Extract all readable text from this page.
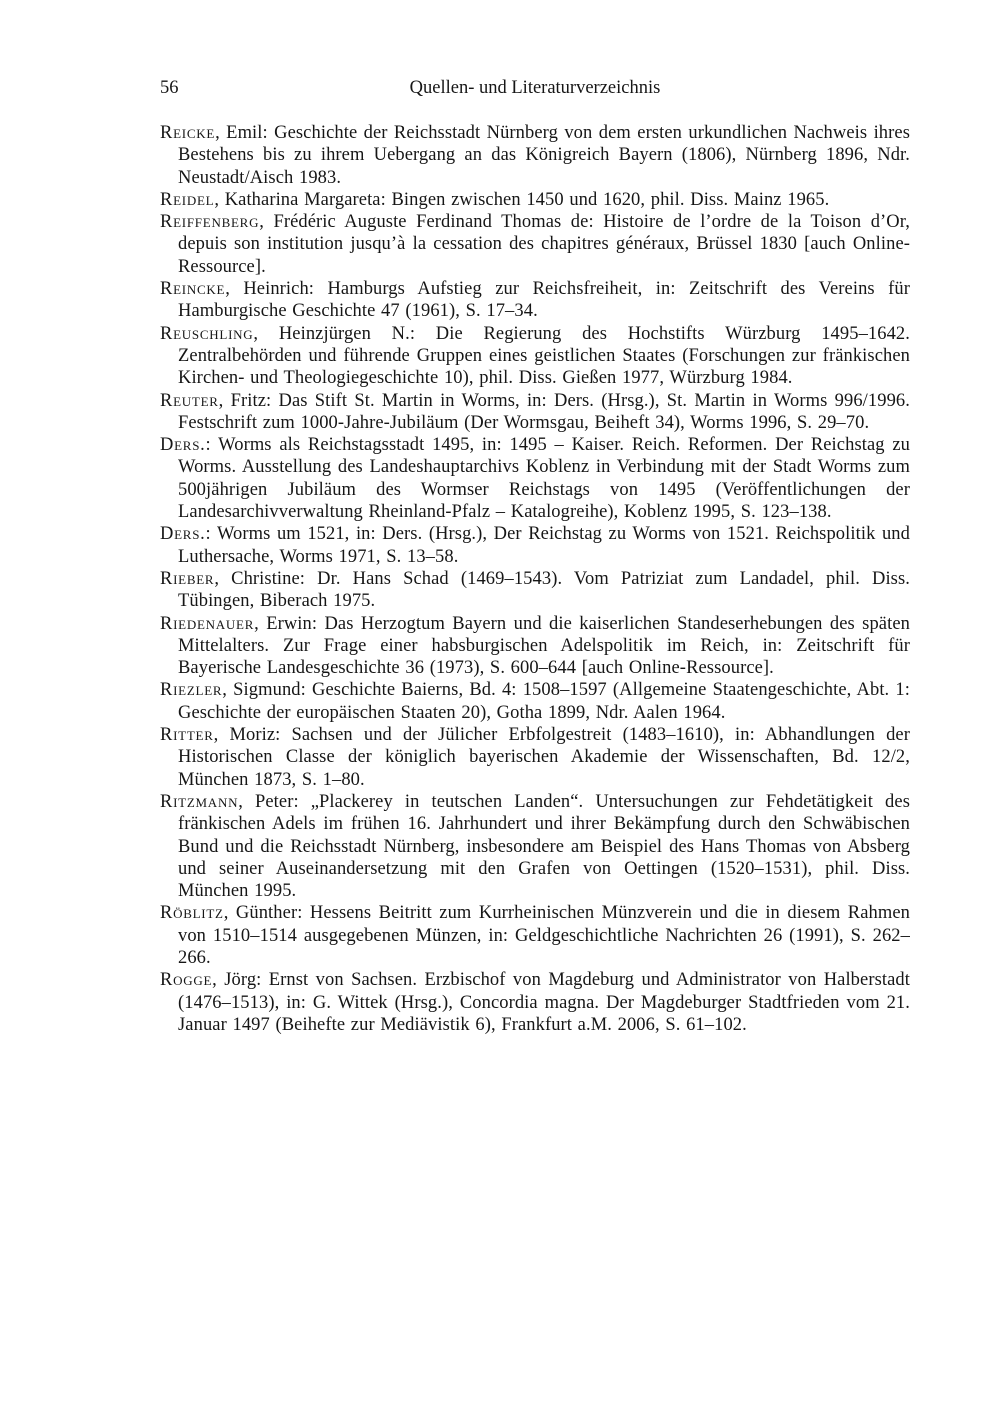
56	Quellen- und Literaturverzeichnis

Reicke, Emil: Geschichte der Reichsstadt Nürnberg von dem ersten urkundlichen Nachweis ihres Bestehens bis zu ihrem Uebergang an das Königreich Bayern (1806), Nürnberg 1896, Ndr. Neustadt/Aisch 1983.

Reidel, Katharina Margareta: Bingen zwischen 1450 und 1620, phil. Diss. Mainz 1965.

Reiffenberg, Frédéric Auguste Ferdinand Thomas de: Histoire de l’ordre de la Toison d’Or, depuis son institution jusqu’à la cessation des chapitres généraux, Brüssel 1830 [auch Online-Ressource].

Reincke, Heinrich: Hamburgs Aufstieg zur Reichsfreiheit, in: Zeitschrift des Vereins für Hamburgische Geschichte 47 (1961), S. 17–34.

Reuschling, Heinzjürgen N.: Die Regierung des Hochstifts Würzburg 1495–1642. Zentralbehörden und führende Gruppen eines geistlichen Staates (Forschungen zur fränkischen Kirchen- und Theologiegeschichte 10), phil. Diss. Gießen 1977, Würzburg 1984.

Reuter, Fritz: Das Stift St. Martin in Worms, in: Ders. (Hrsg.), St. Martin in Worms 996/1996. Festschrift zum 1000-Jahre-Jubiläum (Der Wormsgau, Beiheft 34), Worms 1996, S. 29–70.

Ders.: Worms als Reichstagsstadt 1495, in: 1495 – Kaiser. Reich. Reformen. Der Reichstag zu Worms. Ausstellung des Landeshauptarchivs Koblenz in Verbindung mit der Stadt Worms zum 500jährigen Jubiläum des Wormser Reichstags von 1495 (Veröffentlichungen der Landesarchivverwaltung Rheinland-Pfalz – Katalogreihe), Koblenz 1995, S. 123–138.

Ders.: Worms um 1521, in: Ders. (Hrsg.), Der Reichstag zu Worms von 1521. Reichspolitik und Luthersache, Worms 1971, S. 13–58.

Rieber, Christine: Dr. Hans Schad (1469–1543). Vom Patriziat zum Landadel, phil. Diss. Tübingen, Biberach 1975.

Riedenauer, Erwin: Das Herzogtum Bayern und die kaiserlichen Standeserhebungen des späten Mittelalters. Zur Frage einer habsburgischen Adelspolitik im Reich, in: Zeitschrift für Bayerische Landesgeschichte 36 (1973), S. 600–644 [auch Online-Ressource].

Riezler, Sigmund: Geschichte Baierns, Bd. 4: 1508–1597 (Allgemeine Staatengeschichte, Abt. 1: Geschichte der europäischen Staaten 20), Gotha 1899, Ndr. Aalen 1964.

Ritter, Moriz: Sachsen und der Jülicher Erbfolgestreit (1483–1610), in: Abhandlungen der Historischen Classe der königlich bayerischen Akademie der Wissenschaften, Bd. 12/2, München 1873, S. 1–80.

Ritzmann, Peter: „Plackerey in teutschen Landen“. Untersuchungen zur Fehdetätigkeit des fränkischen Adels im frühen 16. Jahrhundert und ihrer Bekämpfung durch den Schwäbischen Bund und die Reichsstadt Nürnberg, insbesondere am Beispiel des Hans Thomas von Absberg und seiner Auseinandersetzung mit den Grafen von Oettingen (1520–1531), phil. Diss. München 1995.

Röblitz, Günther: Hessens Beitritt zum Kurrheinischen Münzverein und die in diesem Rahmen von 1510–1514 ausgegebenen Münzen, in: Geldgeschichtliche Nachrichten 26 (1991), S. 262–266.

Rogge, Jörg: Ernst von Sachsen. Erzbischof von Magdeburg und Administrator von Halberstadt (1476–1513), in: G. Wittek (Hrsg.), Concordia magna. Der Magdeburger Stadtfrieden vom 21. Januar 1497 (Beihefte zur Mediävistik 6), Frankfurt a.M. 2006, S. 61–102.
